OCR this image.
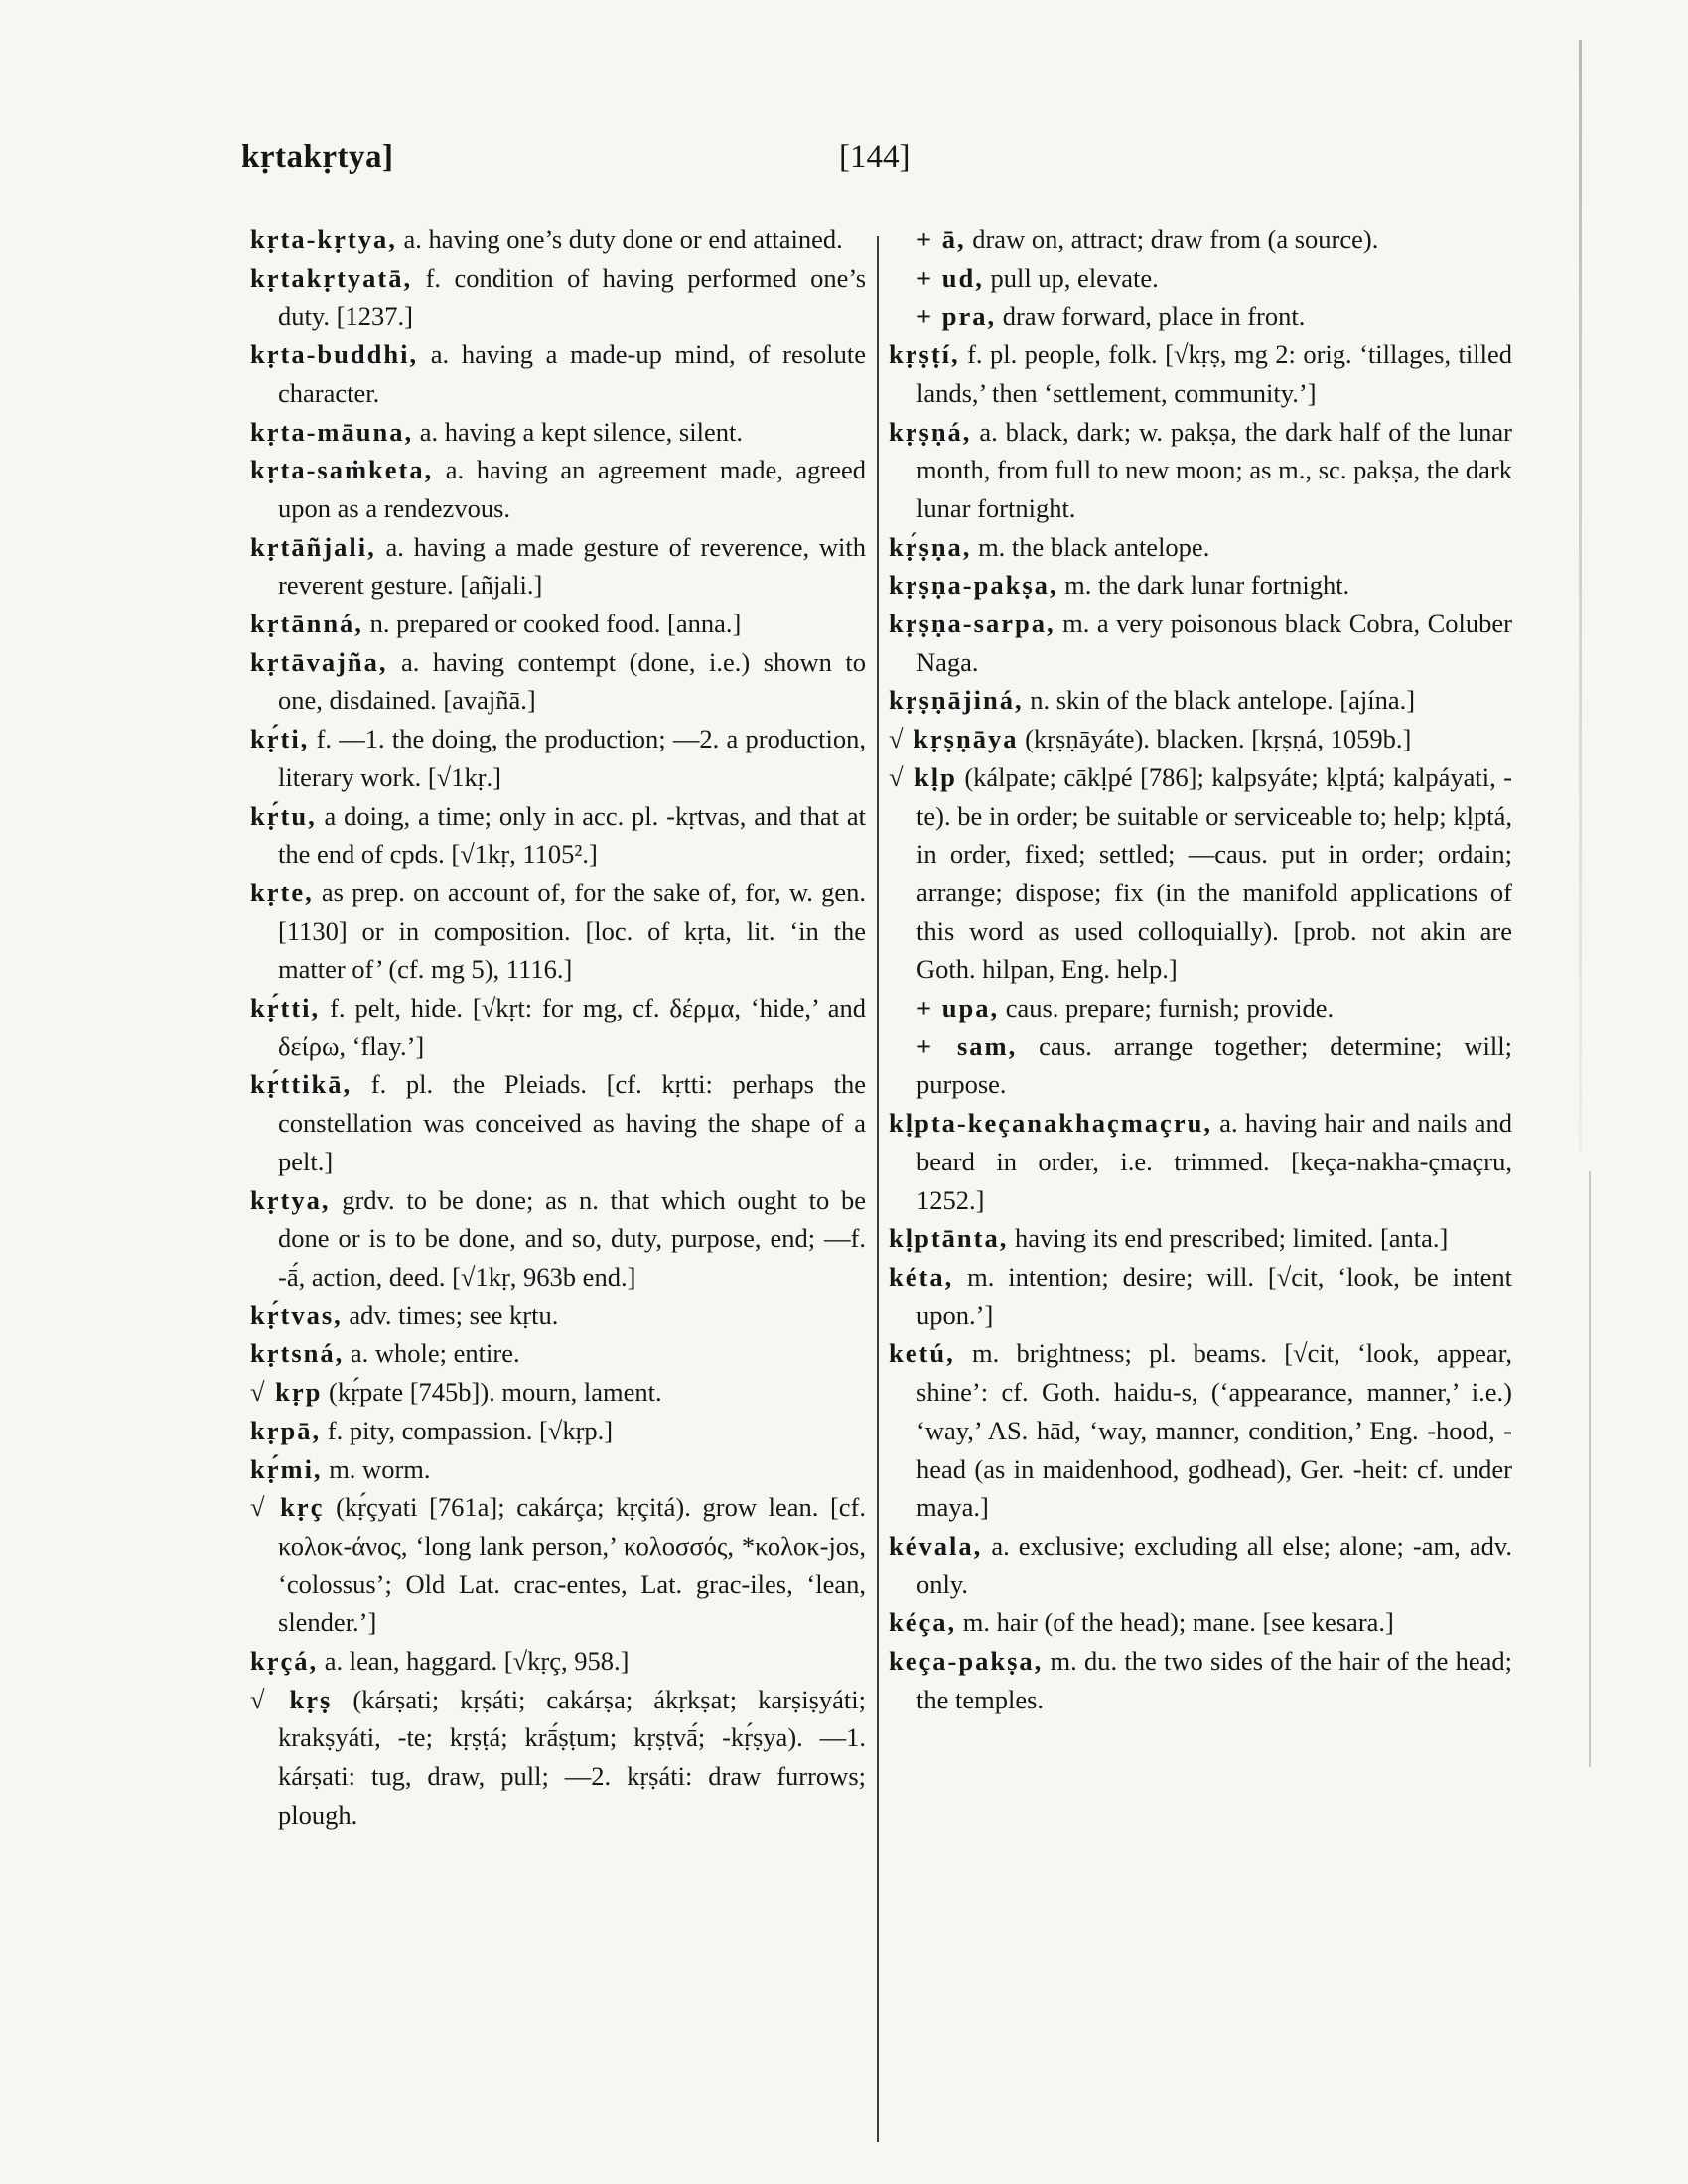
kṛtakṛtya]	[144]

kṛta-kṛtya, a. having one’s duty done or end attained.

kṛtakṛtyatā, f. condition of having performed one’s duty. [1237.]

kṛta-buddhi, a. having a made-up mind, of resolute character.

kṛta-māuna, a. having a kept silence, silent.

kṛta-saṁketa, a. having an agreement made, agreed upon as a rendezvous.

kṛtāñjali, a. having a made gesture of reverence, with reverent gesture. [añjali.]

kṛtānná, n. prepared or cooked food. [anna.]

kṛtāvajña, a. having contempt (done, i.e.) shown to one, disdained. [avajñā.]

kṛ́ti, f. —1. the doing, the production; —2. a production, literary work. [√1kṛ.]

kṛ́tu, a doing, a time; only in acc. pl. -kṛtvas, and that at the end of cpds. [√1kṛ, 1105².]

kṛte, as prep. on account of, for the sake of, for, w. gen. [1130] or in composition. [loc. of kṛta, lit. ‘in the matter of’ (cf. mg 5), 1116.]

kṛ́tti, f. pelt, hide. [√kṛt: for mg, cf. δέρμα, ‘hide,’ and δείρω, ‘flay.’]

kṛ́ttikā, f. pl. the Pleiads. [cf. kṛtti: perhaps the constellation was conceived as having the shape of a pelt.]

kṛtya, grdv. to be done; as n. that which ought to be done or is to be done, and so, duty, purpose, end; —f. -ā́, action, deed. [√1kṛ, 963b end.]

kṛ́tvas, adv. times; see kṛtu.

kṛtsná, a. whole; entire.

√ kṛp (kṛ́pate [745b]). mourn, lament.

kṛpā, f. pity, compassion. [√kṛp.]

kṛ́mi, m. worm.

√ kṛç (kṛ́çyati [761a]; cakárça; kṛçitá). grow lean. [cf. κολοκ-άνος, ‘long lank person,’ κολοσσός, *κολοκ-jos, ‘colossus’; Old Lat. crac-entes, Lat. grac-iles, ‘lean, slender.’]

kṛçá, a. lean, haggard. [√kṛç, 958.]

√ kṛṣ (kárṣati; kṛṣáti; cakárṣa; ákṛkṣat; karṣiṣyáti; krakṣyáti, -te; kṛṣṭá; krā́ṣṭum; kṛṣṭvā́; -kṛ́ṣya). —1. kárṣati: tug, draw, pull; —2. kṛṣáti: draw furrows; plough.

+ ā, draw on, attract; draw from (a source).

+ ud, pull up, elevate.

+ pra, draw forward, place in front.

kṛṣṭí, f. pl. people, folk. [√kṛṣ, mg 2: orig. ‘tillages, tilled lands,’ then ‘settlement, community.’]

kṛṣṇá, a. black, dark; w. pakṣa, the dark half of the lunar month, from full to new moon; as m., sc. pakṣa, the dark lunar fortnight.

kṛ́ṣṇa, m. the black antelope.

kṛṣṇa-pakṣa, m. the dark lunar fortnight.

kṛṣṇa-sarpa, m. a very poisonous black Cobra, Coluber Naga.

kṛṣṇājiná, n. skin of the black antelope. [ajína.]

√ kṛṣṇāya (kṛṣṇāyáte). blacken. [kṛṣṇá, 1059b.]

√ kḷp (kálpate; cākḷpé [786]; kalpsyáte; kḷptá; kalpáyati, -te). be in order; be suitable or serviceable to; help; kḷptá, in order, fixed; settled; —caus. put in order; ordain; arrange; dispose; fix (in the manifold applications of this word as used colloquially). [prob. not akin are Goth. hilpan, Eng. help.]

+ upa, caus. prepare; furnish; provide.

+ sam, caus. arrange together; determine; will; purpose.

kḷpta-keçanakhaçmaçru, a. having hair and nails and beard in order, i.e. trimmed. [keça-nakha-çmaçru, 1252.]

kḷptānta, having its end prescribed; limited. [anta.]

kéta, m. intention; desire; will. [√cit, ‘look, be intent upon.’]

ketú, m. brightness; pl. beams. [√cit, ‘look, appear, shine’: cf. Goth. haidu-s, (‘appearance, manner,’ i.e.) ‘way,’ AS. hād, ‘way, manner, condition,’ Eng. -hood, -head (as in maidenhood, godhead), Ger. -heit: cf. under maya.]

kévala, a. exclusive; excluding all else; alone; -am, adv. only.

kéça, m. hair (of the head); mane. [see kesara.]

keça-pakṣa, m. du. the two sides of the hair of the head; the temples.
